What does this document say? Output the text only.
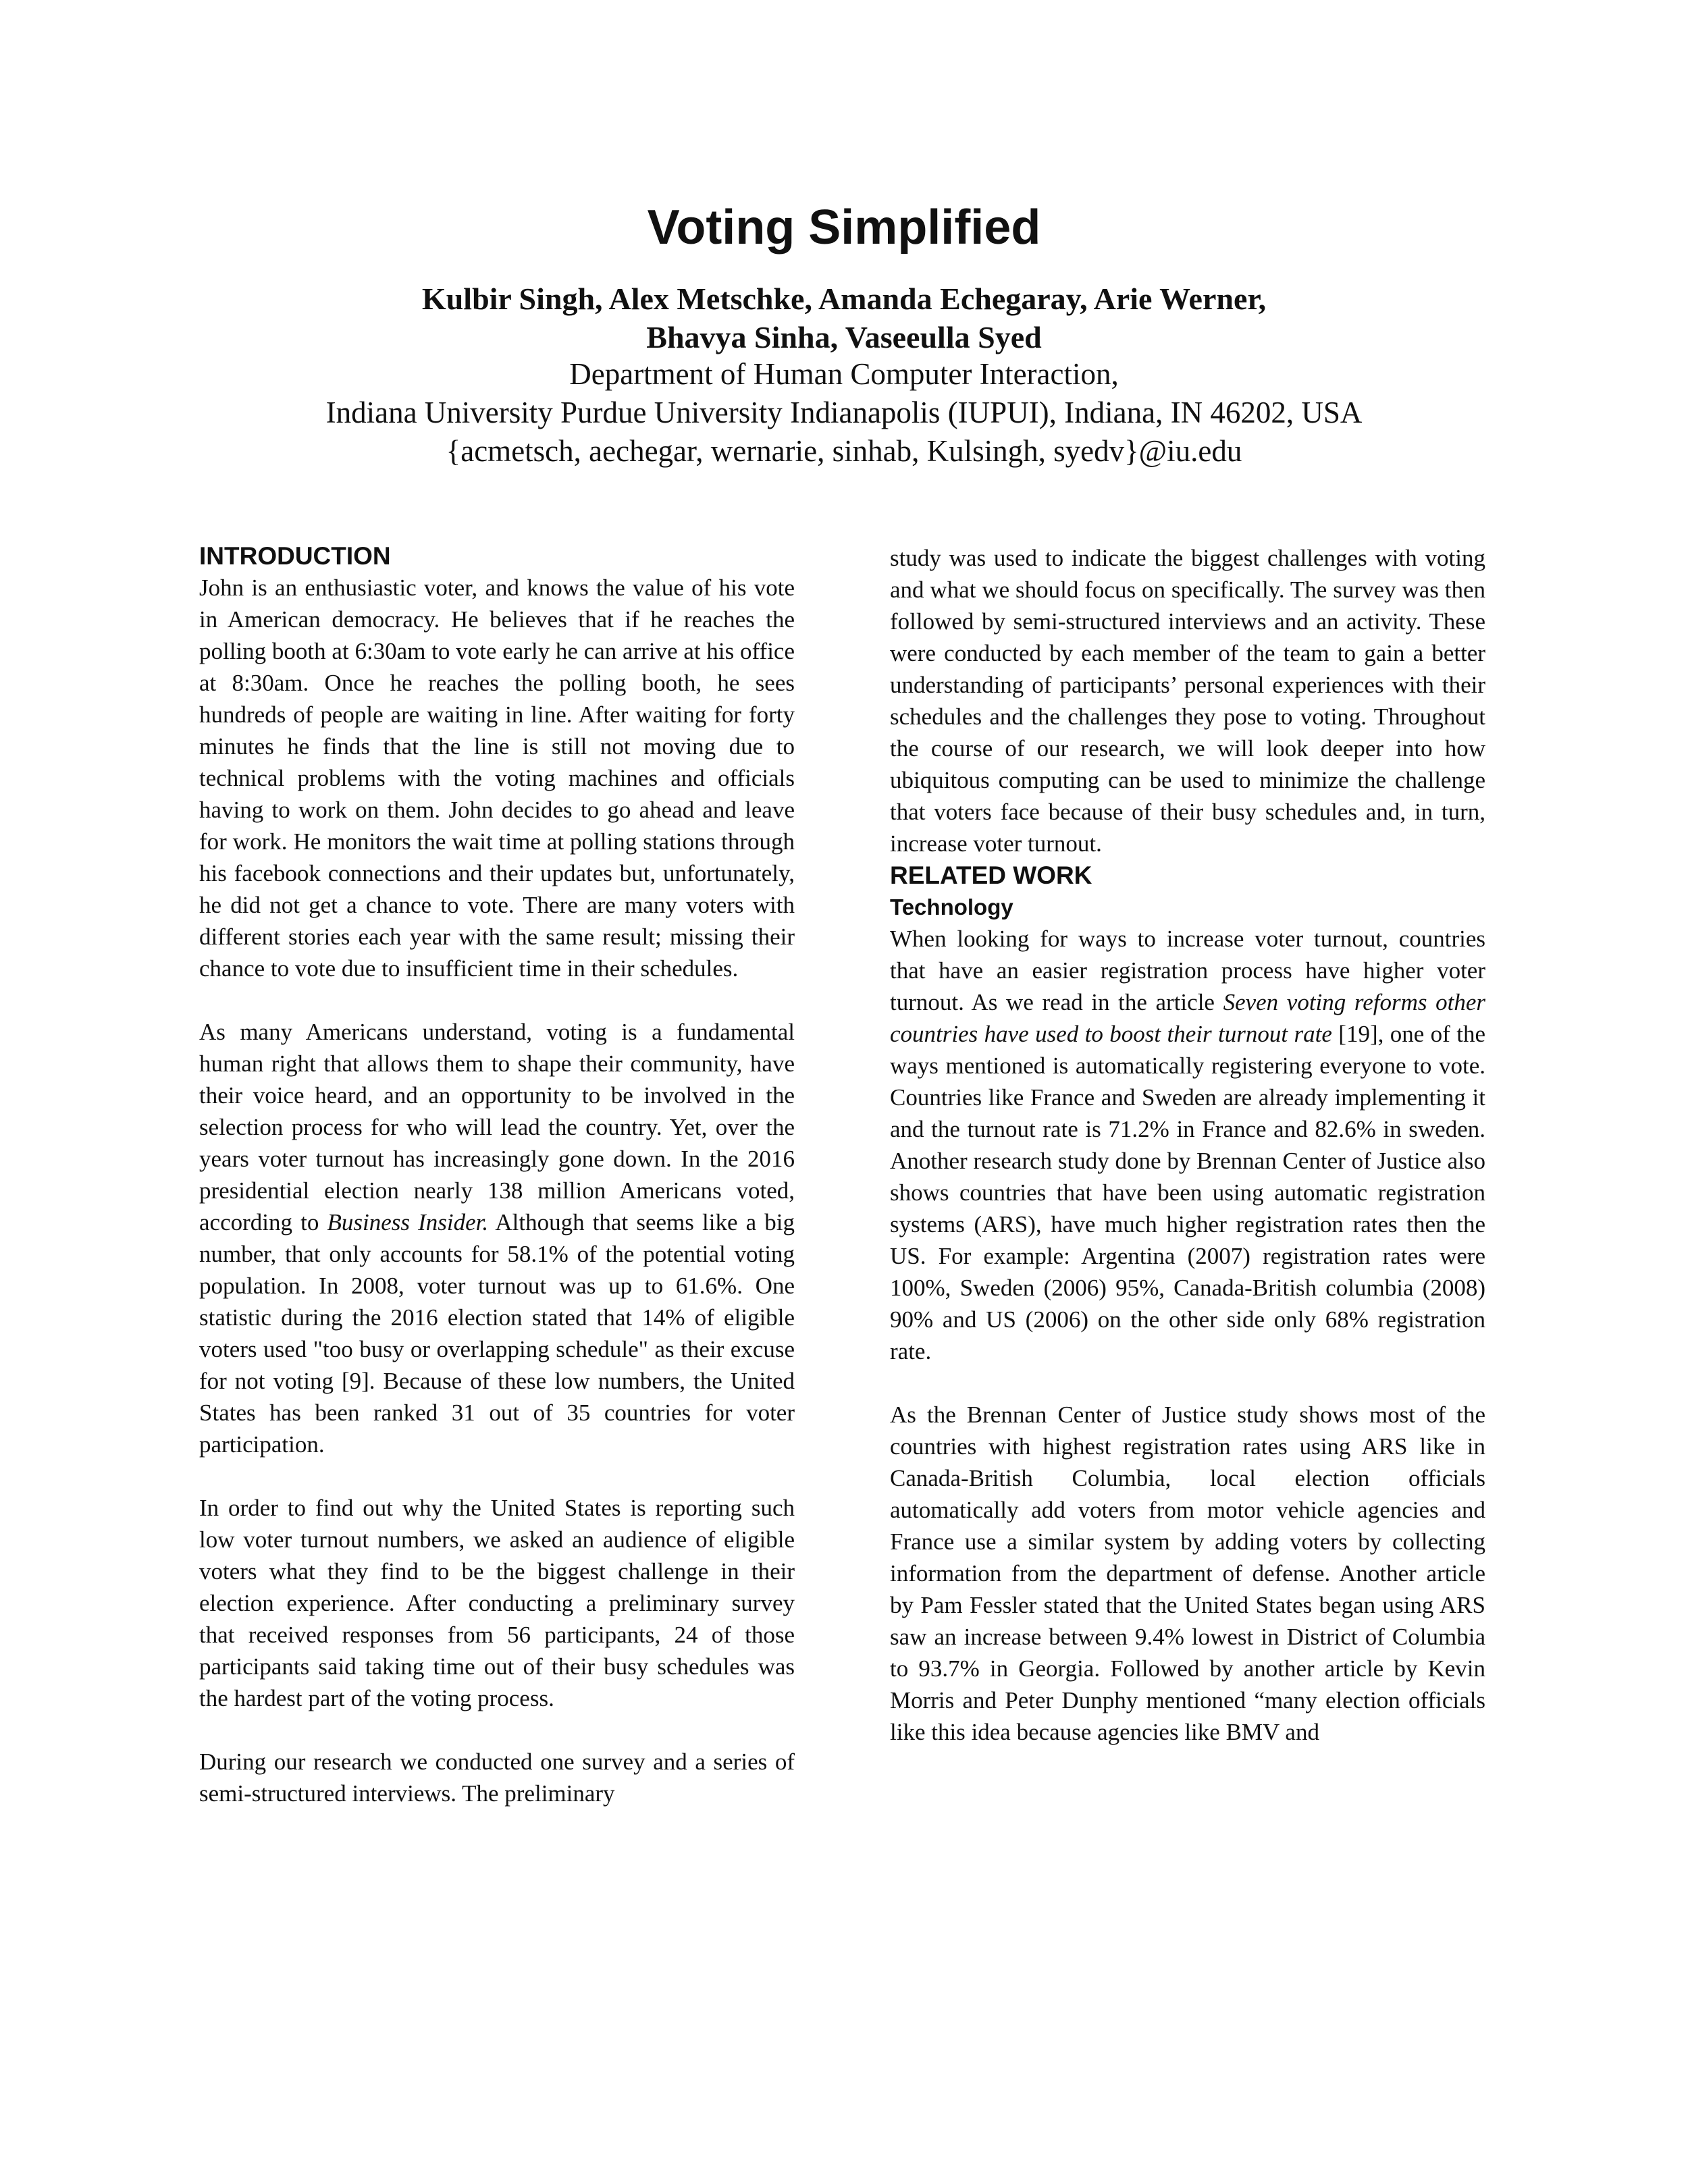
Voting Simplified
Kulbir Singh, Alex Metschke, Amanda Echegaray, Arie Werner,
Bhavya Sinha, Vaseeulla Syed
Department of Human Computer Interaction,
Indiana University Purdue University Indianapolis (IUPUI), Indiana, IN 46202, USA
{acmetsch, aechegar, wernarie, sinhab, Kulsingh, syedv}@iu.edu
INTRODUCTION

John is an enthusiastic voter, and knows the value of his vote in American democracy. He believes that if he reaches the polling booth at 6:30am to vote early he can arrive at his office at 8:30am. Once he reaches the polling booth, he sees hundreds of people are waiting in line. After waiting for forty minutes he finds that the line is still not moving due to technical problems with the voting machines and officials having to work on them. John decides to go ahead and leave for work. He monitors the wait time at polling stations through his facebook connections and their updates but, unfortunately, he did not get a chance to vote. There are many voters with different stories each year with the same result; missing their chance to vote due to insufficient time in their schedules.

As many Americans understand, voting is a fundamental human right that allows them to shape their community, have their voice heard, and an opportunity to be involved in the selection process for who will lead the country. Yet, over the years voter turnout has increasingly gone down. In the 2016 presidential election nearly 138 million Americans voted, according to Business Insider. Although that seems like a big number, that only accounts for 58.1% of the potential voting population. In 2008, voter turnout was up to 61.6%. One statistic during the 2016 election stated that 14% of eligible voters used "too busy or overlapping schedule" as their excuse for not voting [9]. Because of these low numbers, the United States has been ranked 31 out of 35 countries for voter participation.

In order to find out why the United States is reporting such low voter turnout numbers, we asked an audience of eligible voters what they find to be the biggest challenge in their election experience. After conducting a preliminary survey that received responses from 56 participants, 24 of those participants said taking time out of their busy schedules was the hardest part of the voting process.

During our research we conducted one survey and a series of semi-structured interviews. The preliminary

study was used to indicate the biggest challenges with voting and what we should focus on specifically. The survey was then followed by semi-structured interviews and an activity. These were conducted by each member of the team to gain a better understanding of participants’ personal experiences with their schedules and the challenges they pose to voting. Throughout the course of our research, we will look deeper into how ubiquitous computing can be used to minimize the challenge that voters face because of their busy schedules and, in turn, increase voter turnout.

RELATED WORK
Technology

When looking for ways to increase voter turnout, countries that have an easier registration process have higher voter turnout. As we read in the article Seven voting reforms other countries have used to boost their turnout rate [19], one of the ways mentioned is automatically registering everyone to vote. Countries like France and Sweden are already implementing it and the turnout rate is 71.2% in France and 82.6% in sweden. Another research study done by Brennan Center of Justice also shows countries that have been using automatic registration systems (ARS), have much higher registration rates then the US. For example: Argentina (2007) registration rates were 100%, Sweden (2006) 95%, Canada-British columbia (2008) 90% and US (2006) on the other side only 68% registration rate.

As the Brennan Center of Justice study shows most of the countries with highest registration rates using ARS like in Canada-British Columbia, local election officials automatically add voters from motor vehicle agencies and France use a similar system by adding voters by collecting information from the department of defense. Another article by Pam Fessler stated that the United States began using ARS saw an increase between 9.4% lowest in District of Columbia to 93.7% in Georgia. Followed by another article by Kevin Morris and Peter Dunphy mentioned “many election officials like this idea because agencies like BMV and
